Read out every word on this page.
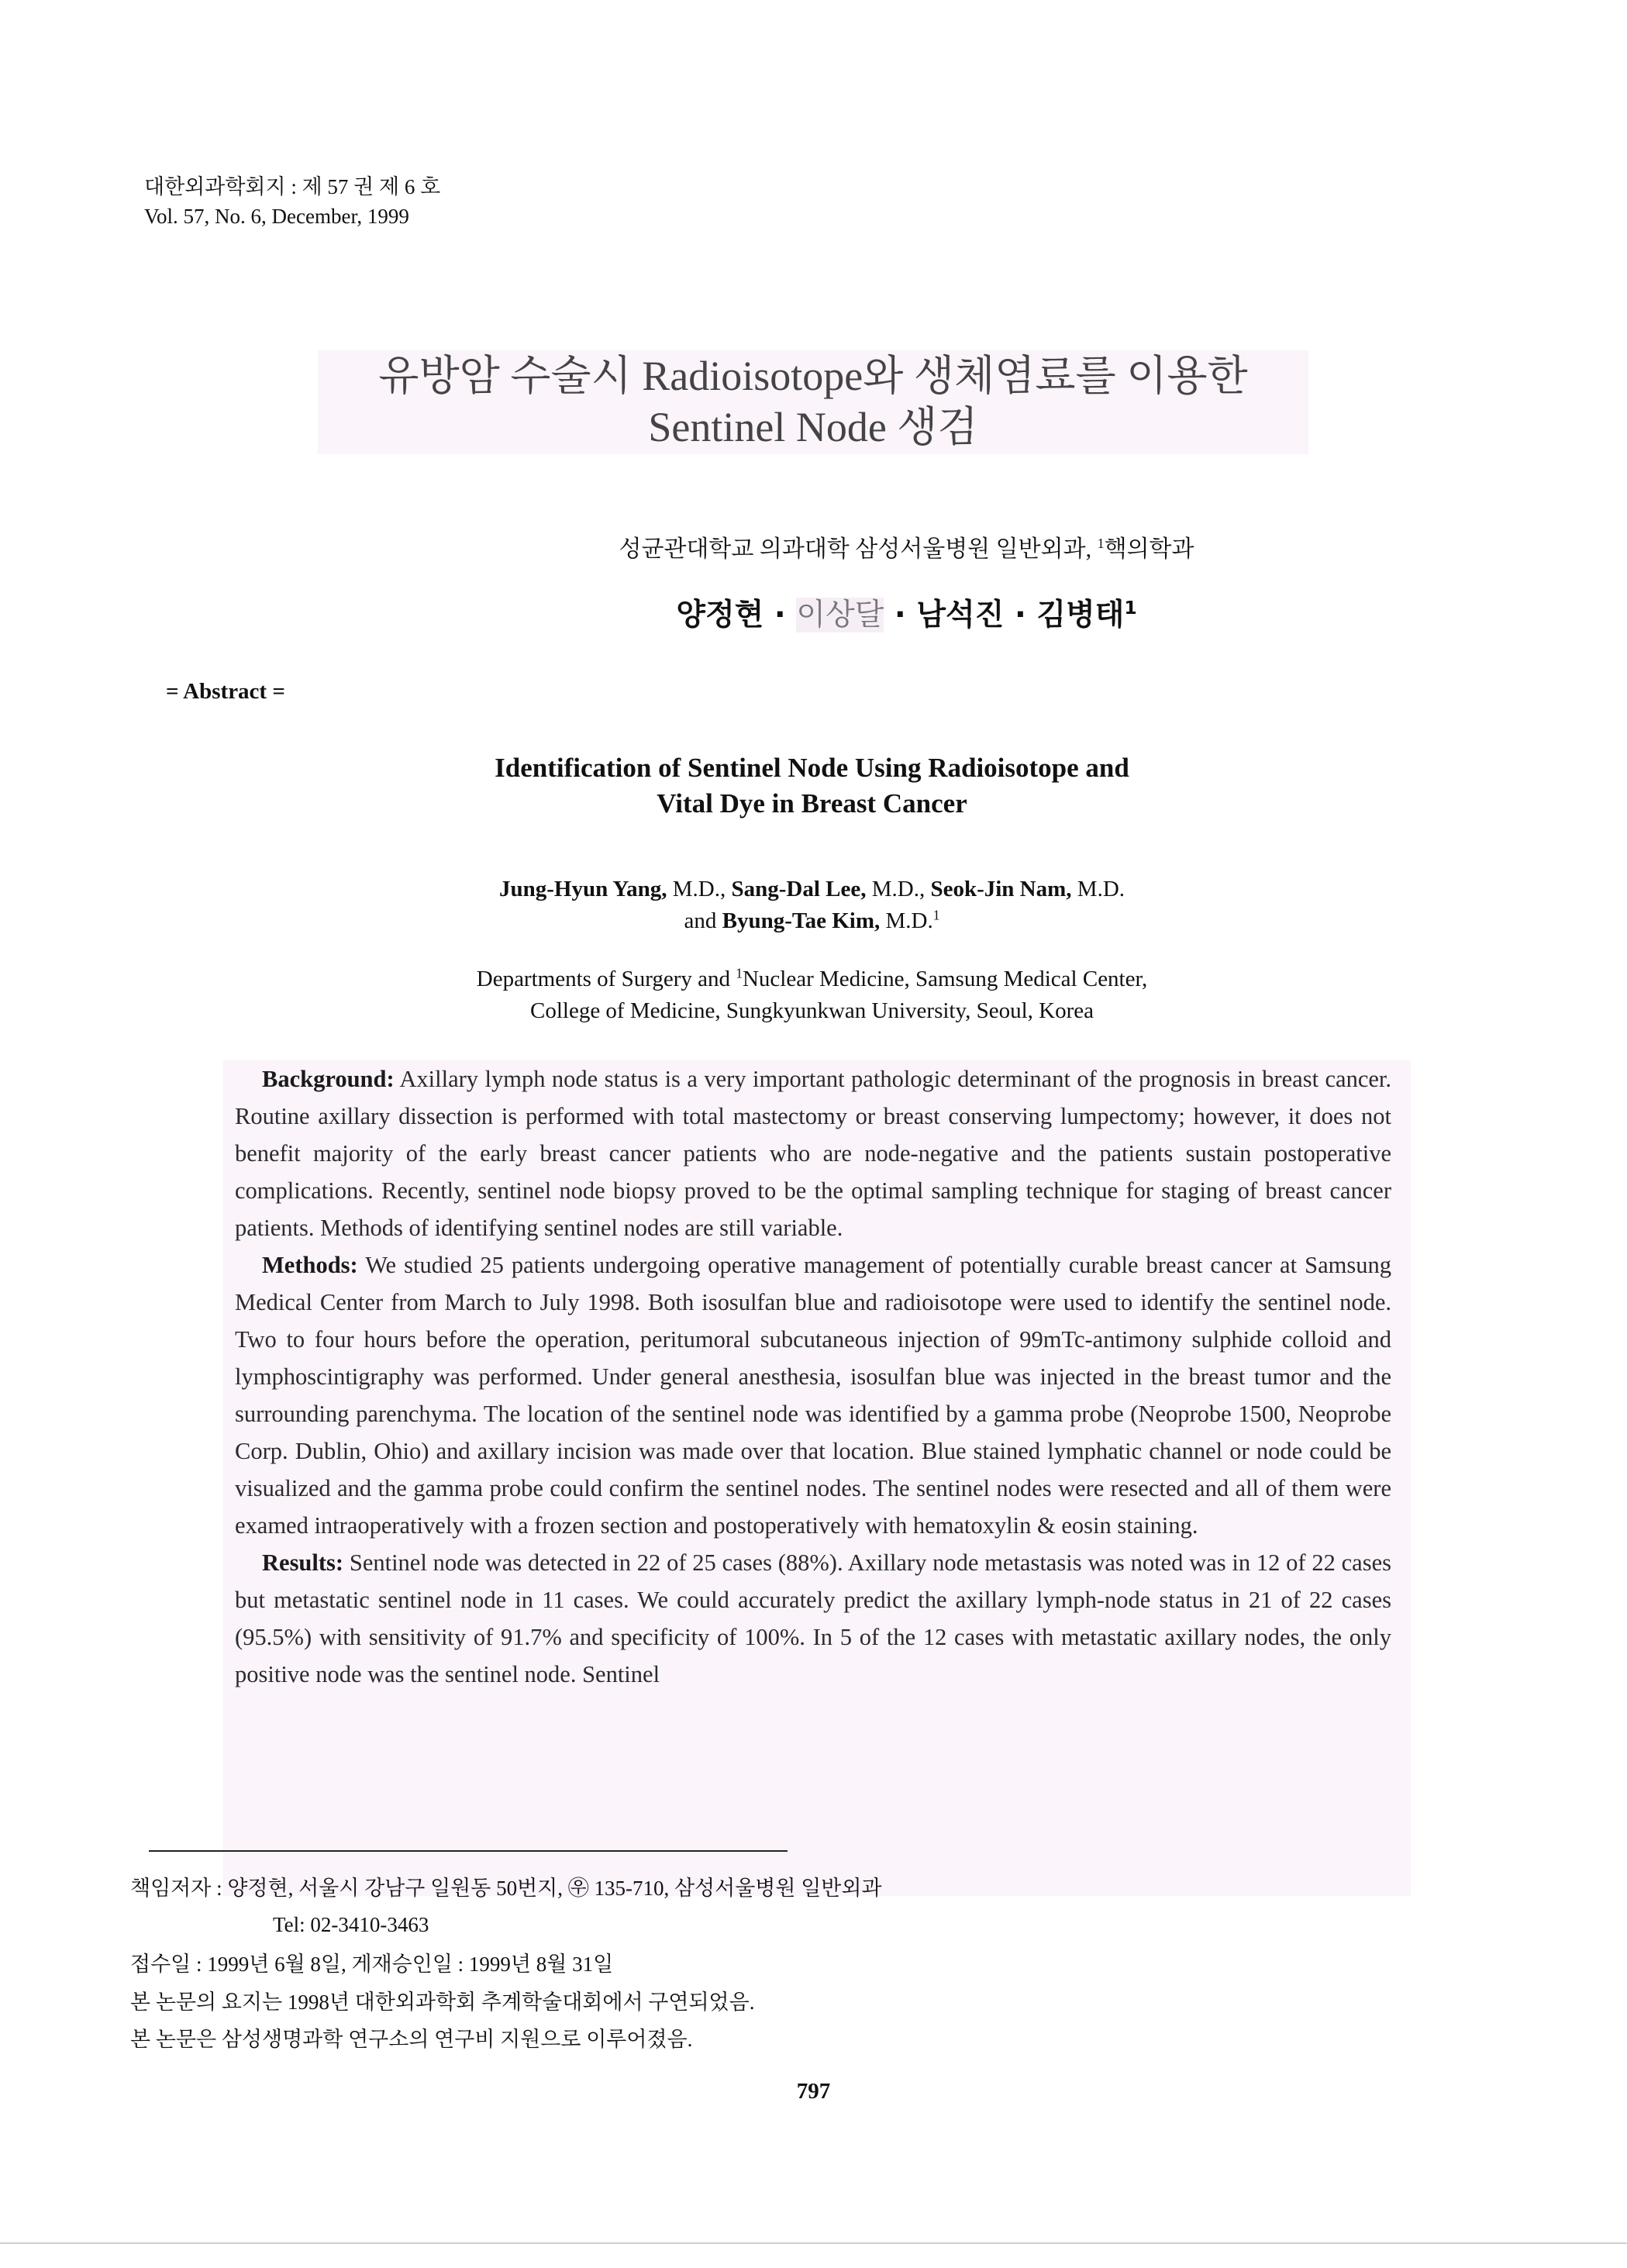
대한외과학회지 : 제 57 권 제 6 호
Vol. 57, No. 6, December, 1999
유방암 수술시 Radioisotope와 생체염료를 이용한
Sentinel Node 생검
성균관대학교 의과대학 삼성서울병원 일반외과, $^1$핵의학과
양정현 · 이상달 · 남석진 · 김병태$^1$
= Abstract =
Identification of Sentinel Node Using Radioisotope and
Vital Dye in Breast Cancer
Jung-Hyun Yang, M.D., Sang-Dal Lee, M.D., Seok-Jin Nam, M.D.
and Byung-Tae Kim, M.D.$^1$
Departments of Surgery and $^1$Nuclear Medicine, Samsung Medical Center,
College of Medicine, Sungkyunkwan University, Seoul, Korea

Background: Axillary lymph node status is a very important pathologic determinant of the prognosis in breast cancer. Routine axillary dissection is performed with total mastectomy or breast conserving lumpectomy; however, it does not benefit majority of the early breast cancer patients who are node-negative and the patients sustain postoperative complications. Recently, sentinel node biopsy proved to be the optimal sampling technique for staging of breast cancer patients. Methods of identifying sentinel nodes are still variable.

Methods: We studied 25 patients undergoing operative management of potentially curable breast cancer at Samsung Medical Center from March to July 1998. Both isosulfan blue and radioisotope were used to identify the sentinel node. Two to four hours before the operation, peritumoral subcutaneous injection of 99mTc-antimony sulphide colloid and lymphoscintigraphy was performed. Under general anesthesia, isosulfan blue was injected in the breast tumor and the surrounding parenchyma. The location of the sentinel node was identified by a gamma probe (Neoprobe 1500, Neoprobe Corp. Dublin, Ohio) and axillary incision was made over that location. Blue stained lymphatic channel or node could be visualized and the gamma probe could confirm the sentinel nodes. The sentinel nodes were resected and all of them were examed intraoperatively with a frozen section and postoperatively with hematoxylin & eosin staining.

Results: Sentinel node was detected in 22 of 25 cases (88%). Axillary node metastasis was noted was in 12 of 22 cases but metastatic sentinel node in 11 cases. We could accurately predict the axillary lymph-node status in 21 of 22 cases (95.5%) with sensitivity of 91.7% and specificity of 100%. In 5 of the 12 cases with metastatic axillary nodes, the only positive node was the sentinel node. Sentinel

책임저자 : 양정현, 서울시 강남구 일원동 50번지, ㉾ 135-710, 삼성서울병원 일반외과
Tel: 02-3410-3463
접수일 : 1999년 6월 8일, 게재승인일 : 1999년 8월 31일
본 논문의 요지는 1998년 대한외과학회 추계학술대회에서 구연되었음.
본 논문은 삼성생명과학 연구소의 연구비 지원으로 이루어졌음.
797
